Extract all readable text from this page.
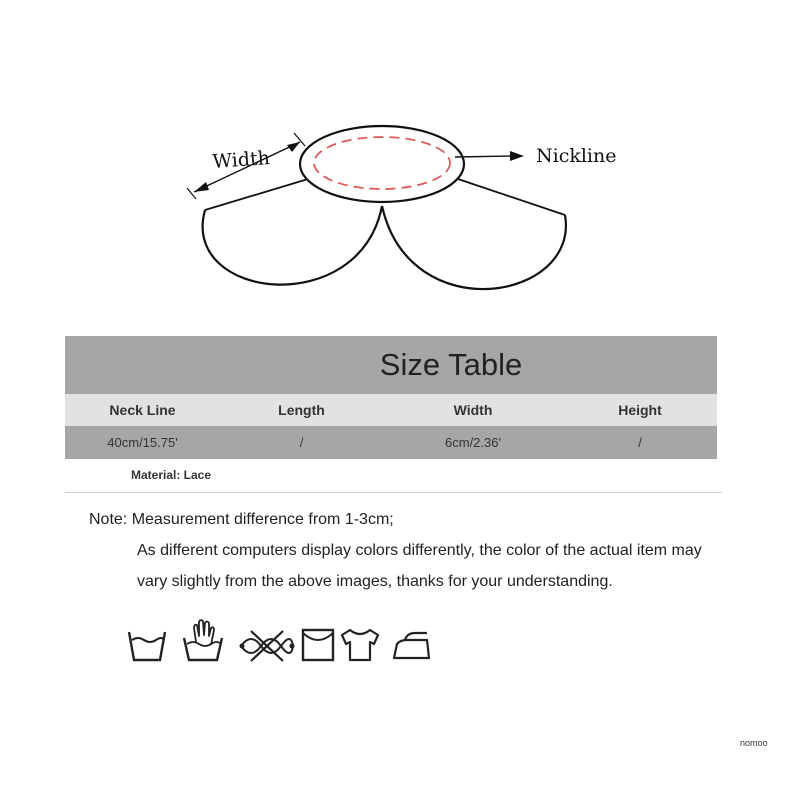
Width	Nickline
Size Table
Neck Line	Length	Width	Height
40cm/15.75'	/	6cm/2.36'	/
Material: Lace
Note: Measurement difference from 1-3cm;
As different computers display colors differently, the color of the actual item may
vary slightly from the above images, thanks for your understanding.
nomoo
